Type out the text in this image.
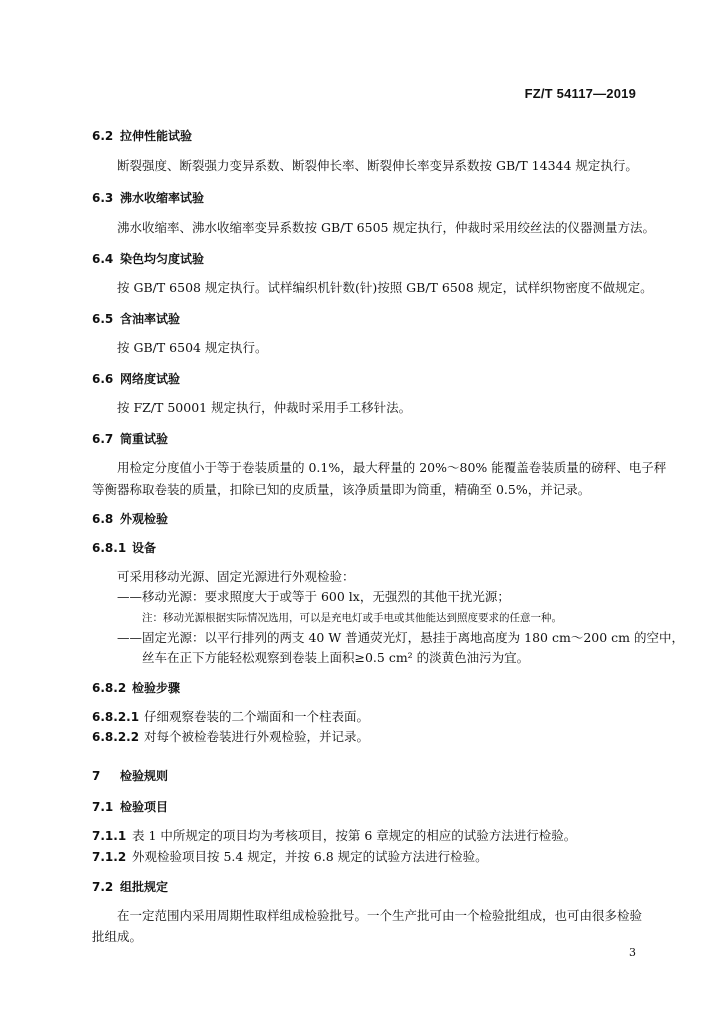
FZ/T 54117—2019
6.2 拉伸性能试验
断裂强度、断裂强力变异系数、断裂伸长率、断裂伸长率变异系数按 GB/T 14344 规定执行。
6.3 沸水收缩率试验
沸水收缩率、沸水收缩率变异系数按 GB/T 6505 规定执行，仲裁时采用绞丝法的仪器测量方法。
6.4 染色均匀度试验
按 GB/T 6508 规定执行。试样编织机针数(针)按照 GB/T 6508 规定，试样织物密度不做规定。
6.5 含油率试验
按 GB/T 6504 规定执行。
6.6 网络度试验
按 FZ/T 50001 规定执行，仲裁时采用手工移针法。
6.7 筒重试验
用检定分度值小于等于卷装质量的 0.1%，最大秤量的 20%～80% 能覆盖卷装质量的磅秤、电子秤
等衡器称取卷装的质量，扣除已知的皮质量，该净质量即为筒重，精确至 0.5%，并记录。
6.8 外观检验
6.8.1 设备
可采用移动光源、固定光源进行外观检验：
——移动光源：要求照度大于或等于 600 lx，无强烈的其他干扰光源；
注：移动光源根据实际情况选用，可以是充电灯或手电或其他能达到照度要求的任意一种。
——固定光源：以平行排列的两支 40 W 普通荧光灯，悬挂于离地高度为 180 cm～200 cm 的空中，
丝车在正下方能轻松观察到卷装上面积≥0.5 cm² 的淡黄色油污为宜。
6.8.2 检验步骤
6.8.2.1 仔细观察卷装的二个端面和一个柱表面。
6.8.2.2 对每个被检卷装进行外观检验，并记录。
7 检验规则
7.1 检验项目
7.1.1 表 1 中所规定的项目均为考核项目，按第 6 章规定的相应的试验方法进行检验。
7.1.2 外观检验项目按 5.4 规定，并按 6.8 规定的试验方法进行检验。
7.2 组批规定
在一定范围内采用周期性取样组成检验批号。一个生产批可由一个检验批组成，也可由很多检验
批组成。
3
